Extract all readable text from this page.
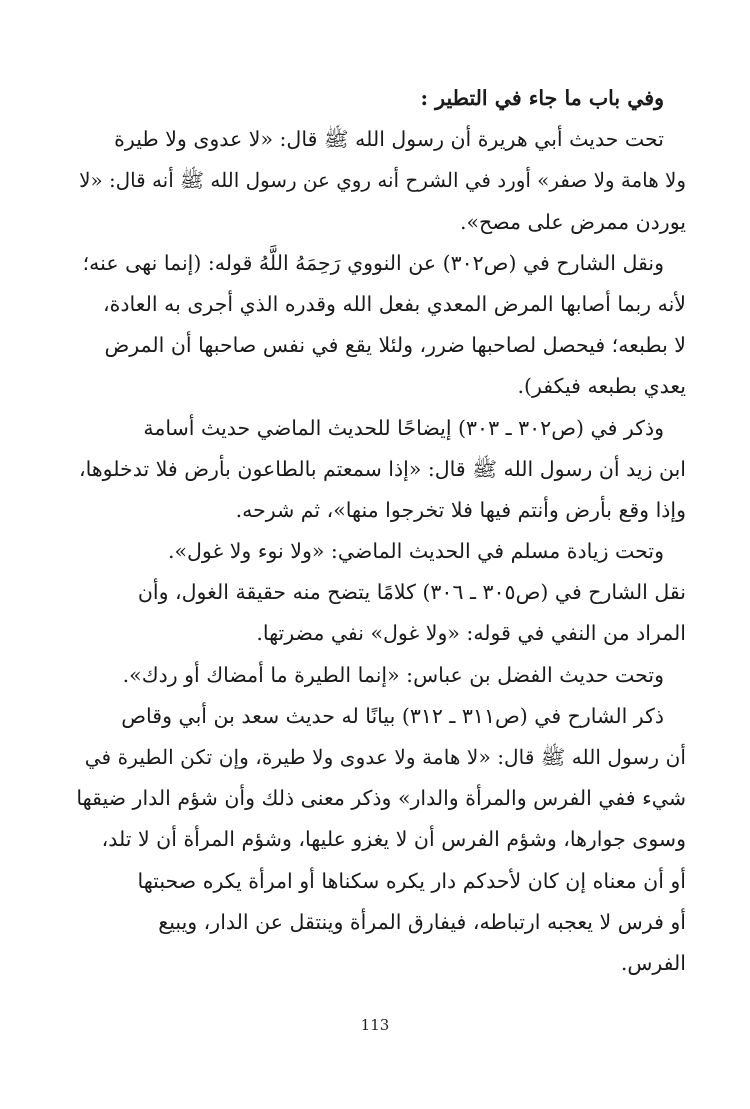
وفي باب ما جاء في التطير :
تحت حديث أبي هريرة أن رسول الله ﷺ قال: «لا عدوى ولا طيرة
ولا هامة ولا صفر» أورد في الشرح أنه روي عن رسول الله ﷺ أنه قال: «لا
يوردن ممرض على مصح».
ونقل الشارح في (ص٣٠٢) عن النووي رَحِمَهُ اللَّهُ قوله: (إنما نهى عنه؛
لأنه ربما أصابها المرض المعدي بفعل الله وقدره الذي أجرى به العادة،
لا بطبعه؛ فيحصل لصاحبها ضرر، ولئلا يقع في نفس صاحبها أن المرض
يعدي بطبعه فيكفر).
وذكر في (ص٣٠٢ ـ ٣٠٣) إيضاحًا للحديث الماضي حديث أسامة
ابن زيد أن رسول الله ﷺ قال: «إذا سمعتم بالطاعون بأرض فلا تدخلوها،
وإذا وقع بأرض وأنتم فيها فلا تخرجوا منها»، ثم شرحه.
وتحت زيادة مسلم في الحديث الماضي: «ولا نوء ولا غول».
نقل الشارح في (ص٣٠٥ ـ ٣٠٦) كلامًا يتضح منه حقيقة الغول، وأن
المراد من النفي في قوله: «ولا غول» نفي مضرتها.
وتحت حديث الفضل بن عباس: «إنما الطيرة ما أمضاك أو ردك».
ذكر الشارح في (ص٣١١ ـ ٣١٢) بيانًا له حديث سعد بن أبي وقاص
أن رسول الله ﷺ قال: «لا هامة ولا عدوى ولا طيرة، وإن تكن الطيرة في
شيء ففي الفرس والمرأة والدار» وذكر معنى ذلك وأن شؤم الدار ضيقها
وسوى جوارها، وشؤم الفرس أن لا يغزو عليها، وشؤم المرأة أن لا تلد،
أو أن معناه إن كان لأحدكم دار يكره سكناها أو امرأة يكره صحبتها
أو فرس لا يعجبه ارتباطه، فيفارق المرأة وينتقل عن الدار، ويبيع
الفرس.
113
